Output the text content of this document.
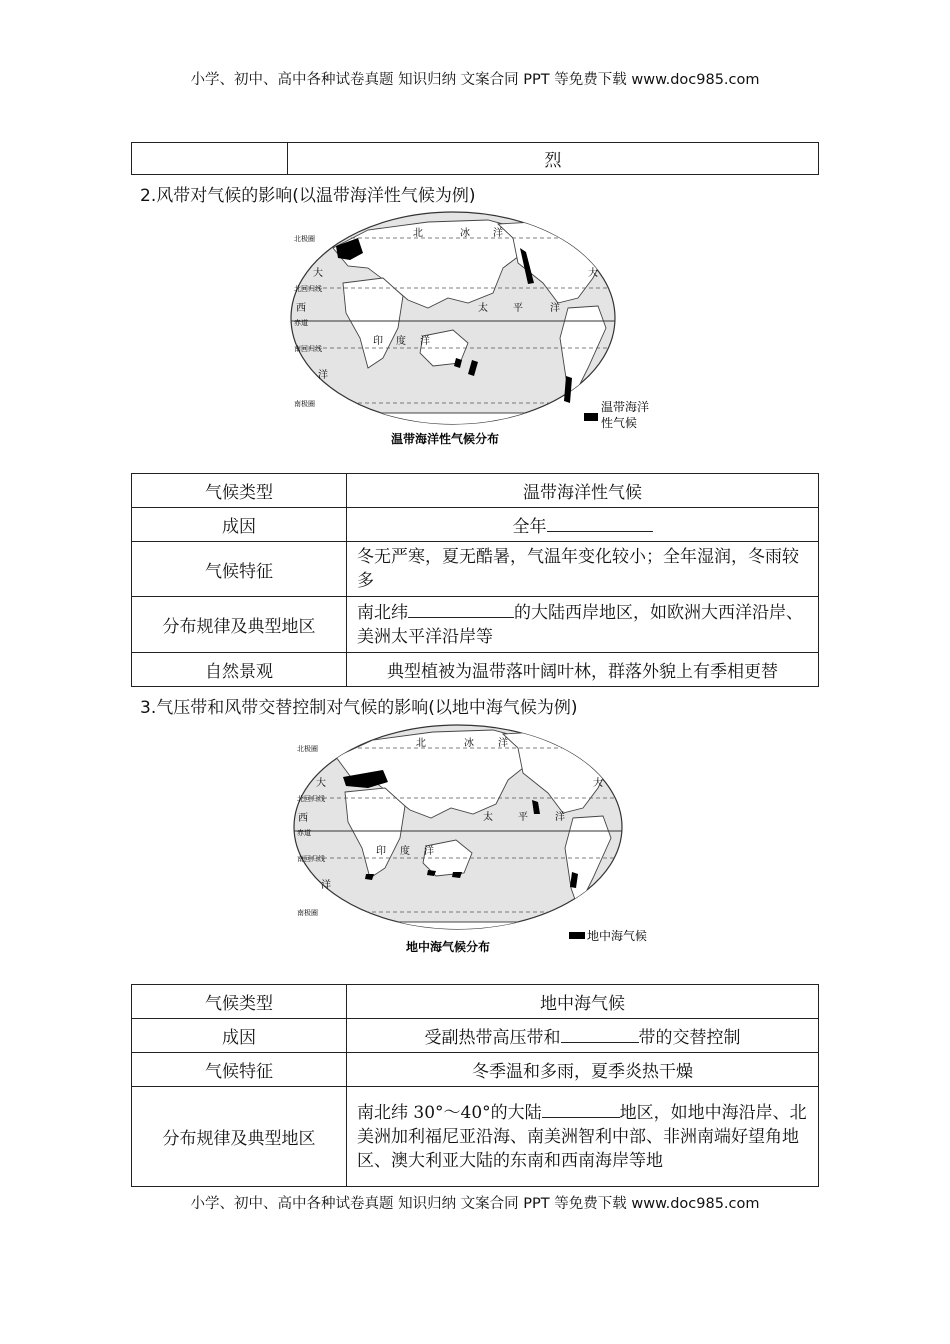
小学、初中、高中各种试卷真题 知识归纳 文案合同 PPT 等免费下载 www.doc985.com
	烈
2.风带对气候的影响(以温带海洋性气候为例)
北	冰 洋
大	大
太	平	洋
西
印 度 洋
洋
北极圈
北回归线
赤道
南回归线
南极圈
温带海洋性气候分布
温带海洋
性气候
气候类型	温带海洋性气候
成因	全年
气候特征	冬无严寒，夏无酷暑，气温年变化较小；全年湿润，冬雨较多
分布规律及典型地区	南北纬 的大陆西岸地区，如欧洲大西洋沿岸、美洲太平洋沿岸等
自然景观	典型植被为温带落叶阔叶林，群落外貌上有季相更替
3.气压带和风带交替控制对气候的影响(以地中海气候为例)
北	冰 洋
大	大
太	平	洋
西
印 度 洋
洋
北极圈
北回归线
赤道
南回归线
南极圈
地中海气候分布
地中海气候
气候类型	地中海气候
成因	受副热带高压带和 带的交替控制
气候特征	冬季温和多雨，夏季炎热干燥
分布规律及典型地区	南北纬 30°～40°的大陆 地区，如地中海沿岸、北美洲加利福尼亚沿海、南美洲智利中部、非洲南端好望角地区、澳大利亚大陆的东南和西南海岸等地
小学、初中、高中各种试卷真题 知识归纳 文案合同 PPT 等免费下载 www.doc985.com
